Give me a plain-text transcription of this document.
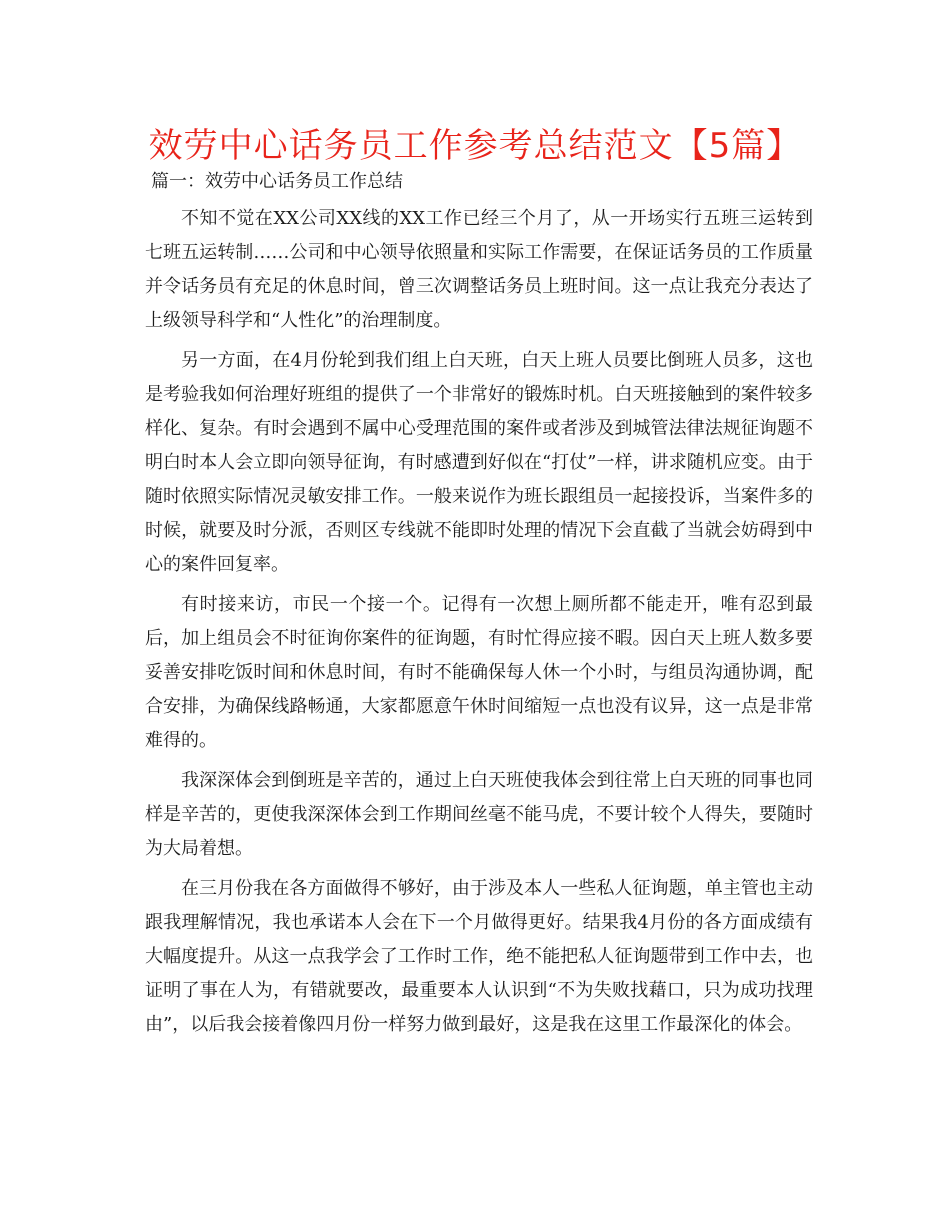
效劳中心话务员工作参考总结范文【5篇】

篇一：效劳中心话务员工作总结

不知不觉在XX公司XX线的XX工作已经三个月了，从一开场实行五班三运转到七班五运转制……公司和中心领导依照量和实际工作需要，在保证话务员的工作质量并令话务员有充足的休息时间，曾三次调整话务员上班时间。这一点让我充分表达了上级领导科学和“人性化”的治理制度。

另一方面，在4月份轮到我们组上白天班，白天上班人员要比倒班人员多，这也是考验我如何治理好班组的提供了一个非常好的锻炼时机。白天班接触到的案件较多样化、复杂。有时会遇到不属中心受理范围的案件或者涉及到城管法律法规征询题不明白时本人会立即向领导征询，有时感遭到好似在“打仗”一样，讲求随机应变。由于随时依照实际情况灵敏安排工作。一般来说作为班长跟组员一起接投诉，当案件多的时候，就要及时分派，否则区专线就不能即时处理的情况下会直截了当就会妨碍到中心的案件回复率。

有时接来访，市民一个接一个。记得有一次想上厕所都不能走开，唯有忍到最后，加上组员会不时征询你案件的征询题，有时忙得应接不暇。因白天上班人数多要妥善安排吃饭时间和休息时间，有时不能确保每人休一个小时，与组员沟通协调，配合安排，为确保线路畅通，大家都愿意午休时间缩短一点也没有议异，这一点是非常难得的。

我深深体会到倒班是辛苦的，通过上白天班使我体会到往常上白天班的同事也同样是辛苦的，更使我深深体会到工作期间丝毫不能马虎，不要计较个人得失，要随时为大局着想。

在三月份我在各方面做得不够好，由于涉及本人一些私人征询题，单主管也主动跟我理解情况，我也承诺本人会在下一个月做得更好。结果我4月份的各方面成绩有大幅度提升。从这一点我学会了工作时工作，绝不能把私人征询题带到工作中去，也证明了事在人为，有错就要改，最重要本人认识到“不为失败找藉口，只为成功找理由”，以后我会接着像四月份一样努力做到最好，这是我在这里工作最深化的体会。
